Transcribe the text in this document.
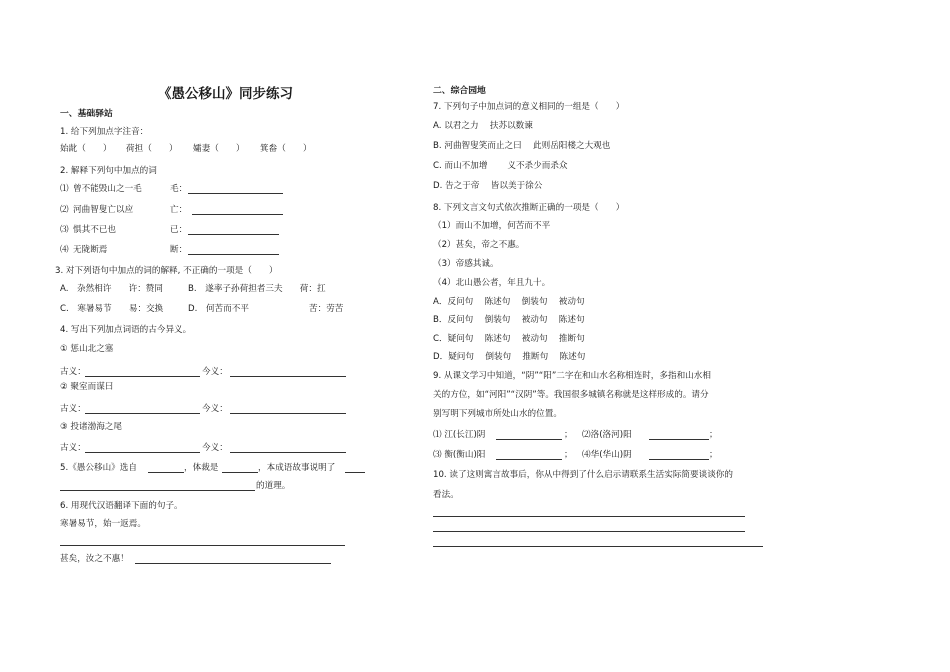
《愚公移山》同步练习
一、基础驿站
1. 给下列加点字注音：
始龀（　　） 荷担（　　） 孀妻（　　） 箕畚（　　）
2. 解释下列句中加点的词
⑴ 曾不能毁山之一毛	毛：
⑵ 河曲智叟亡以应	亡：
⑶ 惧其不已也	已：
⑷ 无陇断焉	断：
3. 对下列语句中加点的词的解释, 不正确的一项是（　　）
A.　杂然相许　　许：赞同	B.　遂率子孙荷担者三夫　　荷：扛
C.　寒暑易节　　易：交换	D.　何苦而不平	苦：劳苦
4. 写出下列加点词语的古今异义。
① 惩山北之塞
古义：	今义：
② 聚室而谋曰
古义：	今义：
③ 投诸渤海之尾
古义：	今义：
5.《愚公移山》选自	，体裁是	，本成语故事说明了
的道理。
6. 用现代汉语翻译下面的句子。
寒暑易节，始一返焉。
甚矣，汝之不惠！
二、综合园地
7. 下列句子中加点词的意义相同的一组是（　　）
A. 以君之力　 扶苏以数谏
B. 河曲智叟笑而止之曰　 此则岳阳楼之大观也
C. 而山不加增　　 义不杀少而杀众
D. 告之于帝　 皆以美于徐公
8. 下列文言文句式依次推断正确的一项是（　　）
（1）而山不加增，何苦而不平
（2）甚矣，帝之不惠。
（3）帝感其诚。
（4）北山愚公者，年且九十。
A．反问句　 陈述句　 倒装句　 被动句
B．反问句　 倒装句　 被动句　 陈述句
C．疑问句　 陈述句　 被动句　 推断句
D．疑问句　 倒装句　 推断句　 陈述句
9. 从课文学习中知道，“阴”“阳”二字在和山水名称相连时，多指和山水相
关的方位，如“河阳”“汉阴”等。我国很多城镇名称就是这样形成的。请分
别写明下列城市所处山水的位置。
⑴ 江(长江)阴	； ⑵洛(洛河)阳	；
⑶ 衡(衡山)阳	； ⑷华(华山)阴	；
10. 读了这则寓言故事后，你从中得到了什么启示请联系生活实际简要谈谈你的
看法。
